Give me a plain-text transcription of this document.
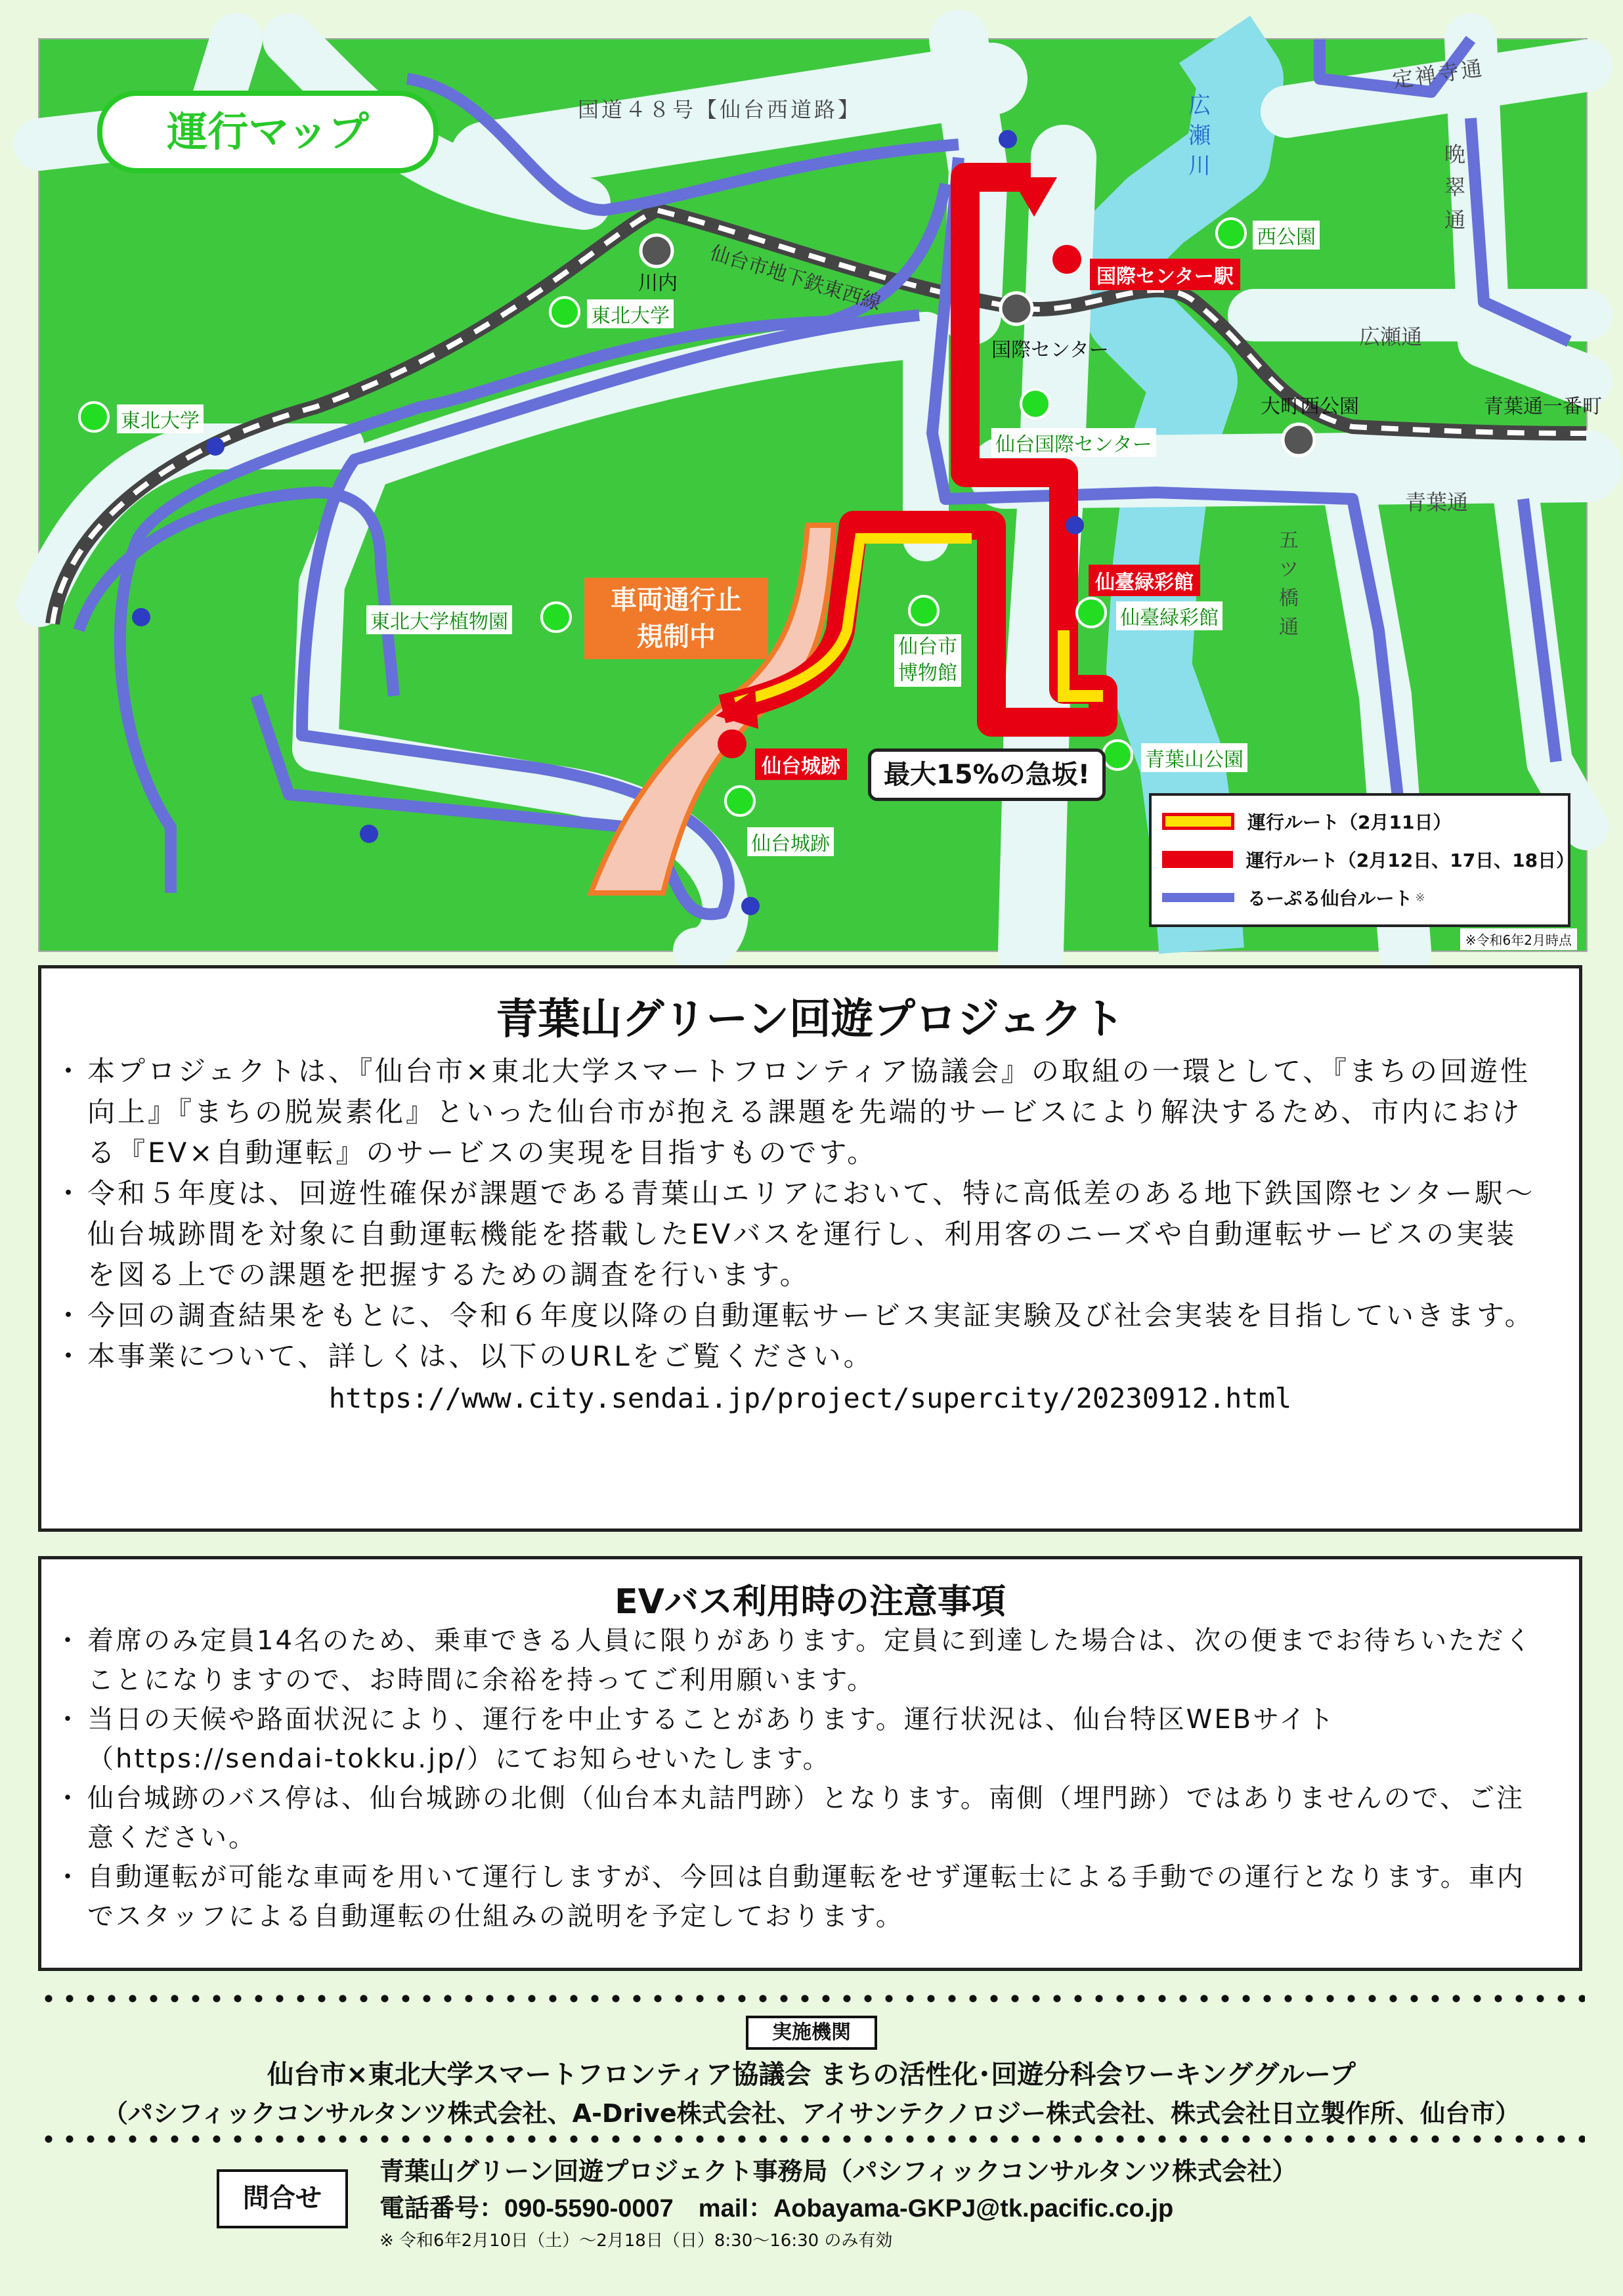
運行マップ	国道４８号【仙台西道路】
定禅寺通
晩翠通
広瀬通
青葉通一番町
青葉通
五ツ橋通
仙台市地下鉄東西線
広瀬川
川内
国際センター
大町西公園
西公園
東北大学
東北大学
仙台国際センター
東北大学植物園
仙台市
博物館
仙臺緑彩館
青葉山公園
仙台城跡
国際センター駅
仙臺緑彩館
仙台城跡
車両通行止
規制中
最大15%の急坂!
運行ルート（2月11日）
運行ルート（2月12日、17日、18日）
るーぷる仙台ルート ※
※令和6年2月時点
青葉山グリーン回遊プロジェクト
・ 本プロジェクトは、『仙台市×東北大学スマートフロンティア協議会』の取組の一環として、『まちの回遊性向上』『まちの脱炭素化』といった仙台市が抱える課題を先端的サービスにより解決するため、市内における『EV×自動運転』のサービスの実現を目指すものです。
・ 令和５年度は、回遊性確保が課題である青葉山エリアにおいて、特に高低差のある地下鉄国際センター駅～仙台城跡間を対象に自動運転機能を搭載したEVバスを運行し、利用客のニーズや自動運転サービスの実装を図る上での課題を把握するための調査を行います。
・ 今回の調査結果をもとに、令和６年度以降の自動運転サービス実証実験及び社会実装を目指していきます。
・ 本事業について、詳しくは、以下のURLをご覧ください。
https://www.city.sendai.jp/project/supercity/20230912.html
EVバス利用時の注意事項
・ 着席のみ定員14名のため、乗車できる人員に限りがあります。定員に到達した場合は、次の便までお待ちいただくことになりますので、お時間に余裕を持ってご利用願います。
・ 当日の天候や路面状況により、運行を中止することがあります。運行状況は、仙台特区WEBサイト（https://sendai-tokku.jp/）にてお知らせいたします。
・ 仙台城跡のバス停は、仙台城跡の北側（仙台本丸詰門跡）となります。南側（埋門跡）ではありませんので、ご注意ください。
・ 自動運転が可能な車両を用いて運行しますが、今回は自動運転をせず運転士による手動での運行となります。車内でスタッフによる自動運転の仕組みの説明を予定しております。
実施機関
仙台市×東北大学スマートフロンティア協議会 まちの活性化･回遊分科会ワーキンググループ
（パシフィックコンサルタンツ株式会社、A-Drive株式会社、アイサンテクノロジー株式会社、株式会社日立製作所、仙台市）
問合せ
青葉山グリーン回遊プロジェクト事務局（パシフィックコンサルタンツ株式会社）
電話番号：090-5590-0007　mail：Aobayama-GKPJ@tk.pacific.co.jp
※ 令和6年2月10日（土）～2月18日（日）8:30～16:30 のみ有効
